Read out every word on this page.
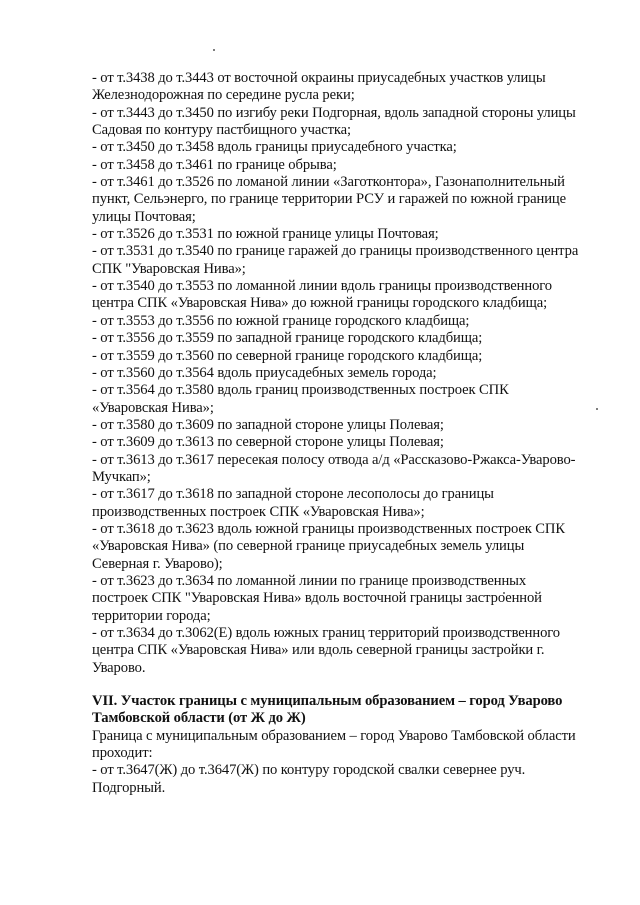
- от т.3438 до т.3443 от восточной окраины приусадебных участков улицы
Железнодорожная по середине русла реки;
- от т.3443 до т.3450 по изгибу реки Подгорная, вдоль западной стороны улицы
Садовая по контуру пастбищного участка;
- от т.3450 до т.3458 вдоль границы приусадебного участка;
- от т.3458 до т.3461 по границе обрыва;
- от т.3461 до т.3526 по ломаной линии «Заготконтора», Газонаполнительный
пункт, Сельэнерго, по границе территории РСУ и гаражей по южной границе
улицы Почтовая;
- от т.3526 до т.3531 по южной границе улицы Почтовая;
- от т.3531 до т.3540 по границе гаражей до границы производственного центра
СПК "Уваровская Нива»;
- от т.3540 до т.3553 по ломанной линии вдоль границы производственного
центра СПК «Уваровская Нива» до южной границы городского кладбища;
- от т.3553 до т.3556 по южной границе городского кладбища;
- от т.3556 до т.3559 по западной границе городского кладбища;
- от т.3559 до т.3560 по северной границе городского кладбища;
- от т.3560 до т.3564 вдоль приусадебных земель города;
- от т.3564 до т.3580 вдоль границ производственных построек СПК
«Уваровская Нива»;
- от т.3580 до т.3609 по западной стороне улицы Полевая;
- от т.3609 до т.3613 по северной стороне улицы Полевая;
- от т.3613 до т.3617 пересекая полосу отвода а/д «Рассказово-Ржакса-Уварово-
Мучкап»;
- от т.3617 до т.3618 по западной стороне лесополосы до границы
производственных построек СПК «Уваровская Нива»;
- от т.3618 до т.3623 вдоль южной границы производственных построек СПК
«Уваровская Нива» (по северной границе приусадебных земель улицы
Северная г. Уварово);
- от т.3623 до т.3634 по ломанной линии по границе производственных
построек СПК "Уваровская Нива» вдоль восточной границы застроенной
территории города;
- от т.3634 до т.3062(Е) вдоль южных границ территорий производственного
центра СПК «Уваровская Нива» или вдоль северной границы застройки г.
Уварово.
VII. Участок границы с муниципальным образованием – город Уварово
Тамбовской области (от Ж до Ж)
Граница с муниципальным образованием – город Уварово Тамбовской области
проходит:
- от т.3647(Ж) до т.3647(Ж) по контуру городской свалки севернее руч.
Подгорный.
